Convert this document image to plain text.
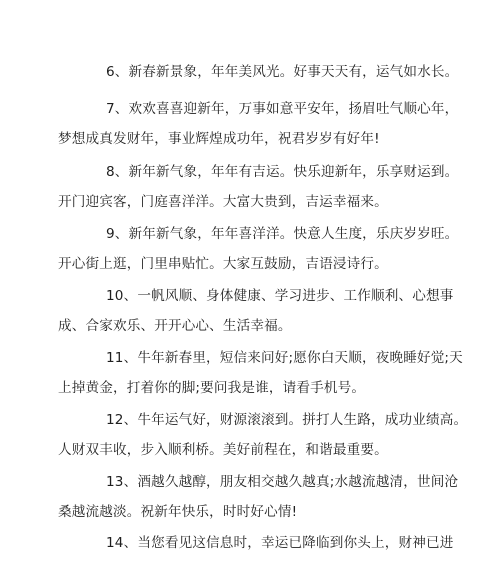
6、新春新景象，年年美风光。好事天天有，运气如水长。
7、欢欢喜喜迎新年，万事如意平安年，扬眉吐气顺心年，
梦想成真发财年，事业辉煌成功年，祝君岁岁有好年!
8、新年新气象，年年有吉运。快乐迎新年，乐享财运到。
开门迎宾客，门庭喜洋洋。大富大贵到，吉运幸福来。
9、新年新气象，年年喜洋洋。快意人生度，乐庆岁岁旺。
开心街上逛，门里串贴忙。大家互鼓励，吉语浸诗行。
10、一帆风顺、身体健康、学习进步、工作顺利、心想事
成、合家欢乐、开开心心、生活幸福。
11、牛年新春里，短信来问好;愿你白天顺，夜晚睡好觉;天
上掉黄金，打着你的脚;要问我是谁，请看手机号。
12、牛年运气好，财源滚滚到。拼打人生路，成功业绩高。
人财双丰收，步入顺利桥。美好前程在，和谐最重要。
13、酒越久越醇，朋友相交越久越真;水越流越清，世间沧
桑越流越淡。祝新年快乐，时时好心情!
14、当您看见这信息时，幸运已降临到你头上，财神已进
